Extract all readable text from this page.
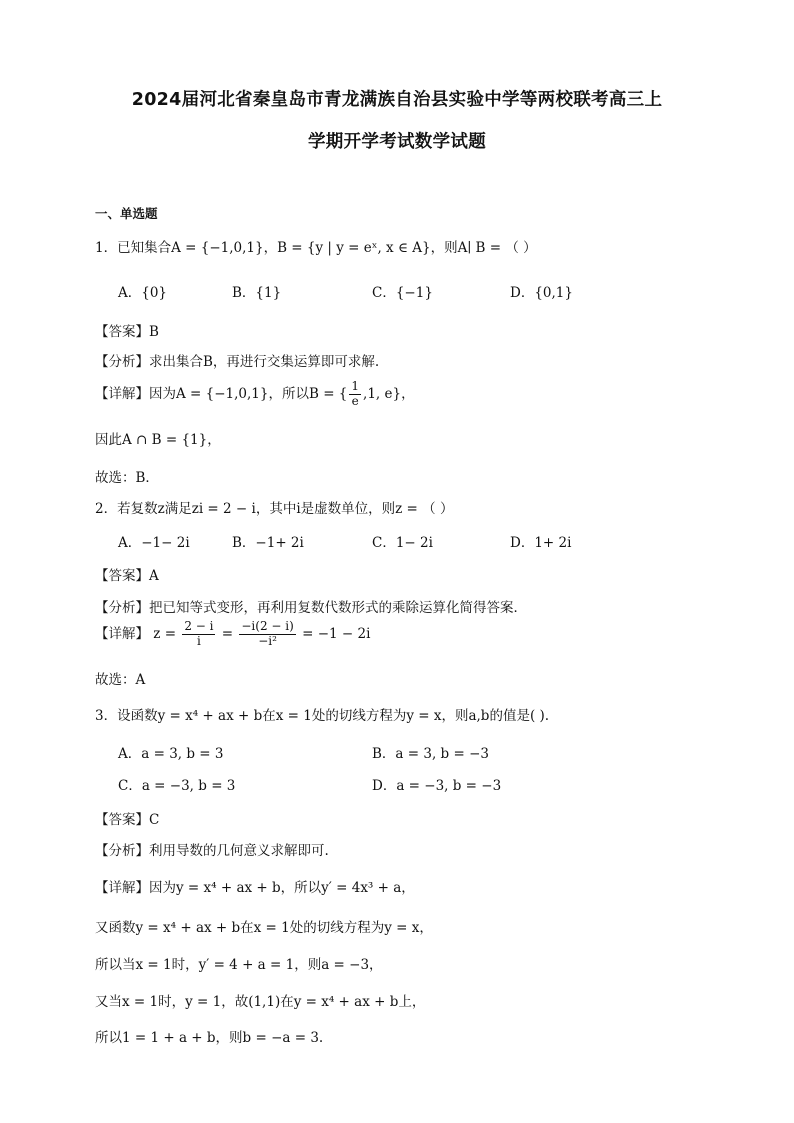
2024届河北省秦皇岛市青龙满族自治县实验中学等两校联考高三上
学期开学考试数学试题
一、单选题
1．已知集合A = {−1,0,1}，B = {y | y = eˣ, x ∈ A}，则A∣ B = （ ）
A．{0}	B．{1}	C．{−1}	D．{0,1}
【答案】B
【分析】求出集合B，再进行交集运算即可求解.
【详解】因为A = {−1,0,1}，所以B = { $\frac{1}{e} ,1$, e}，
因此A ∩ B = {1}，
故选：B．
2．若复数z满足zi = 2 − i，其中i是虚数单位，则z = （ ）
A．−1− 2i	B．−1+ 2i	C．1− 2i	D．1+ 2i
【答案】A
【分析】把已知等式变形，再利用复数代数形式的乘除运算化简得答案．
【详解】 $z = \frac{2 - i}{i} = \frac{-i(2 - i)}{\text{−i²}} = -1 - 2i$
故选：A
3．设函数y = x⁴ + ax + b在x = 1处的切线方程为y = x，则a,b的值是( ).
A．a = 3, b = 3	B．a = 3, b = −3
C．a = −3, b = 3	D．a = −3, b = −3
【答案】C
【分析】利用导数的几何意义求解即可.
【详解】因为y = x⁴ + ax + b，所以y′ = 4x³ + a，
又函数y = x⁴ + ax + b在x = 1处的切线方程为y = x，
所以当x = 1时，y′ = 4 + a = 1，则a = −3，
又当x = 1时，y = 1，故(1,1)在y = x⁴ + ax + b上，
所以1 = 1 + a + b，则b = −a = 3.
